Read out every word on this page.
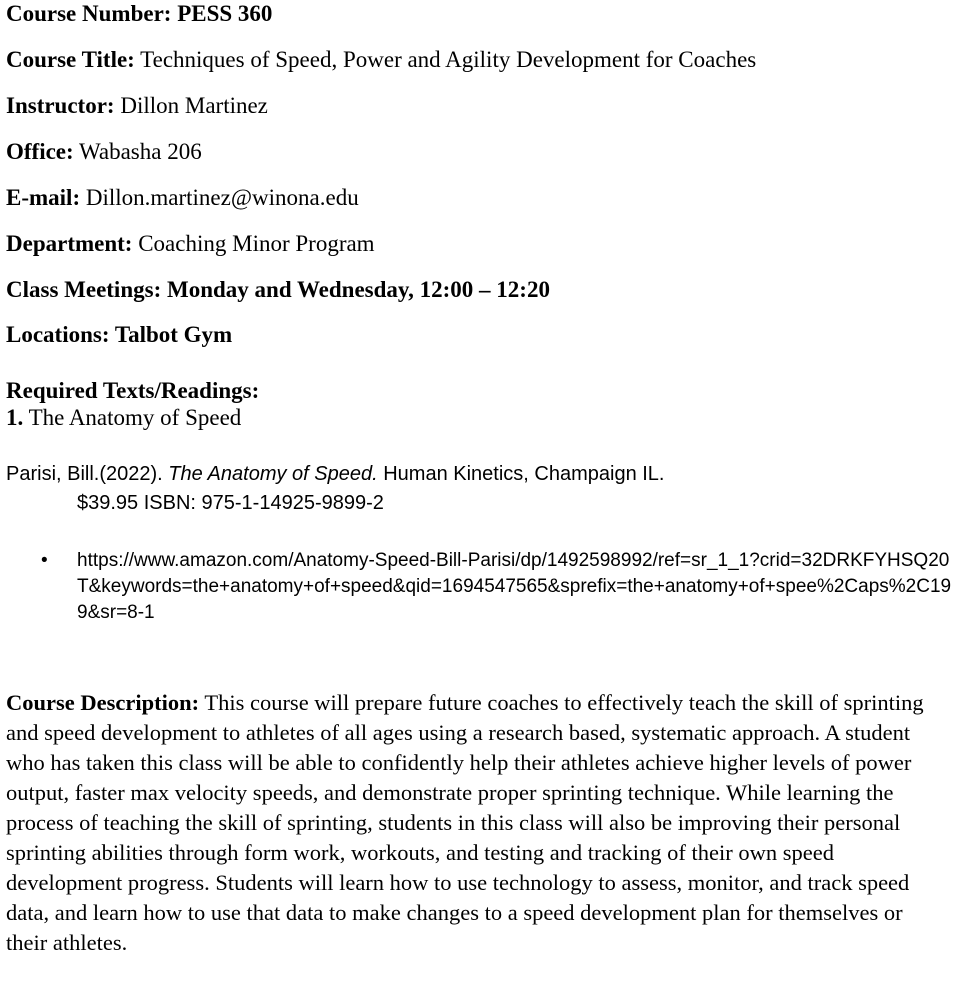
Course Number: PESS 360
Course Title: Techniques of Speed, Power and Agility Development for Coaches
Instructor: Dillon Martinez
Office: Wabasha 206
E-mail: Dillon.martinez@winona.edu
Department: Coaching Minor Program
Class Meetings: Monday and Wednesday, 12:00 – 12:20
Locations: Talbot Gym
Required Texts/Readings:
1. The Anatomy of Speed
Parisi, Bill.(2022). The Anatomy of Speed. Human Kinetics, Champaign IL.
$39.95 ISBN: 975-1-14925-9899-2
• https://www.amazon.com/Anatomy-Speed-Bill-Parisi/dp/1492598992/ref=sr_1_1?crid=32DRKFYHSQ20T&keywords=the+anatomy+of+speed&qid=1694547565&sprefix=the+anatomy+of+spee%2Caps%2C199&sr=8-1
Course Description: This course will prepare future coaches to effectively teach the skill of sprinting and speed development to athletes of all ages using a research based, systematic approach. A student who has taken this class will be able to confidently help their athletes achieve higher levels of power output, faster max velocity speeds, and demonstrate proper sprinting technique. While learning the process of teaching the skill of sprinting, students in this class will also be improving their personal sprinting abilities through form work, workouts, and testing and tracking of their own speed development progress. Students will learn how to use technology to assess, monitor, and track speed data, and learn how to use that data to make changes to a speed development plan for themselves or their athletes.
